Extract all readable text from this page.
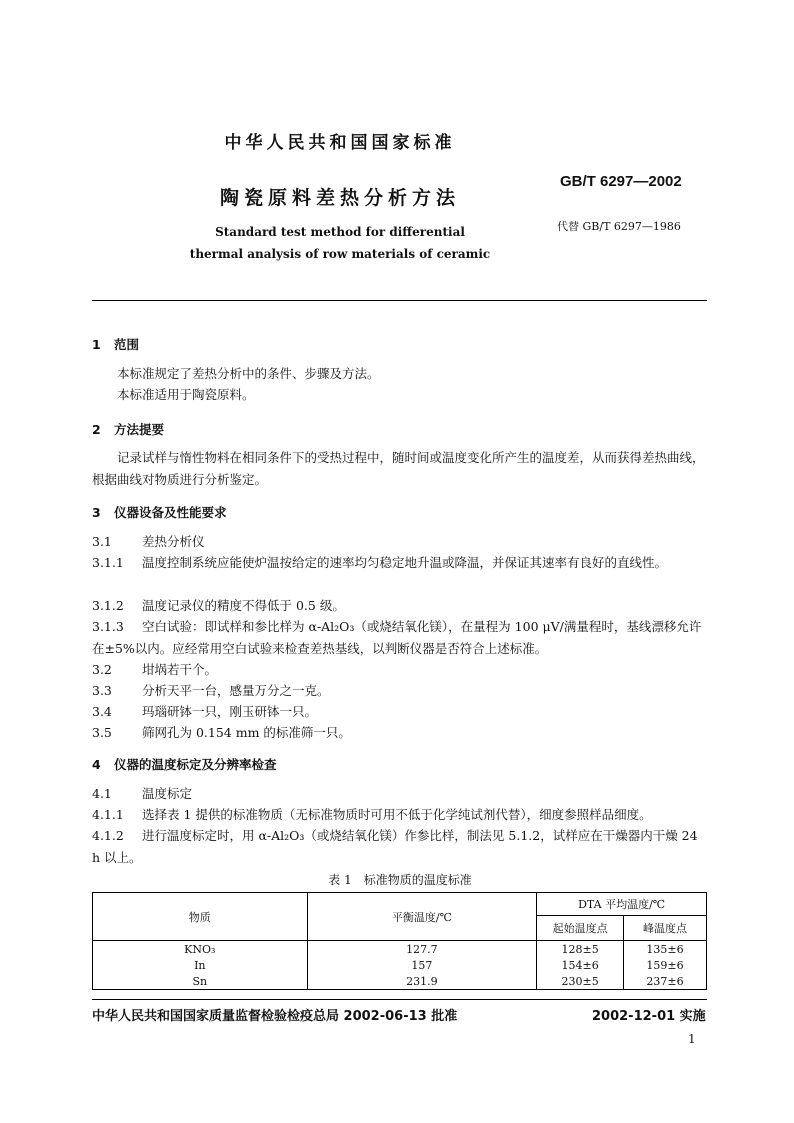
中华人民共和国国家标准
GB/T 6297—2002
陶瓷原料差热分析方法
代替 GB/T 6297—1986
Standard test method for differential
thermal analysis of row materials of ceramic
1 范围
本标准规定了差热分析中的条件、步骤及方法。
本标准适用于陶瓷原料。
2 方法提要
记录试样与惰性物料在相同条件下的受热过程中，随时间或温度变化所产生的温度差，从而获得差热曲线，根据曲线对物质进行分析鉴定。
3 仪器设备及性能要求
3.1 差热分析仪
3.1.1 温度控制系统应能使炉温按给定的速率均匀稳定地升温或降温，并保证其速率有良好的直线性。
3.1.2 温度记录仪的精度不得低于 0.5 级。
3.1.3 空白试验：即试样和参比样为 α-Al₂O₃（或烧结氧化镁），在量程为 100 μV/满量程时，基线漂移允许在±5%以内。应经常用空白试验来检查差热基线，以判断仪器是否符合上述标准。
3.2 坩埚若干个。
3.3 分析天平一台，感量万分之一克。
3.4 玛瑙研钵一只，刚玉研钵一只。
3.5 筛网孔为 0.154 mm 的标准筛一只。
4 仪器的温度标定及分辨率检查
4.1 温度标定
4.1.1 选择表 1 提供的标准物质（无标准物质时可用不低于化学纯试剂代替），细度参照样品细度。
4.1.2 进行温度标定时，用 α-Al₂O₃（或烧结氧化镁）作参比样，制法见 5.1.2，试样应在干燥器内干燥 24 h 以上。
表 1　标准物质的温度标准
物质	平衡温度/℃	DTA 平均温度/℃	
		起始温度点	峰温度点
KNO₃	127.7	128±5	135±6
In	157	154±6	159±6
Sn	231.9	230±5	237±6
中华人民共和国国家质量监督检验检疫总局 2002-06-13 批准	2002-12-01 实施
1
